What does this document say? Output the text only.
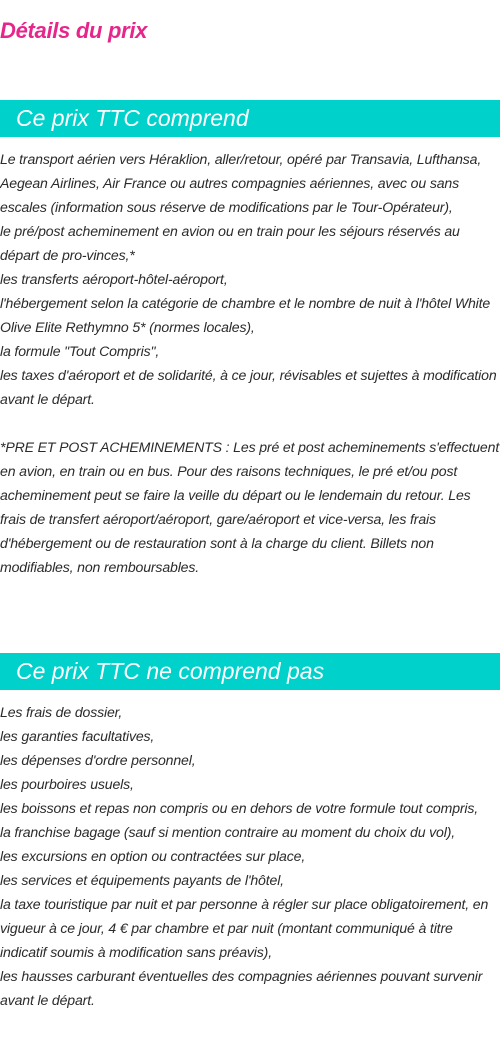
Détails du prix
Ce prix TTC comprend

Le transport aérien vers Héraklion, aller/retour, opéré par Transavia, Lufthansa, Aegean Airlines, Air France ou autres compagnies aériennes, avec ou sans escales (information sous réserve de modifications par le Tour-Opérateur),
le pré/post acheminement en avion ou en train pour les séjours réservés au départ de pro-vinces,*
les transferts aéroport-hôtel-aéroport,
l'hébergement selon la catégorie de chambre et le nombre de nuit à l'hôtel White Olive Elite Rethymno 5* (normes locales),
la formule "Tout Compris",
les taxes d'aéroport et de solidarité, à ce jour, révisables et sujettes à modification avant le départ.

*PRE ET POST ACHEMINEMENTS : Les pré et post acheminements s'effectuent en avion, en train ou en bus. Pour des raisons techniques, le pré et/ou post acheminement peut se faire la veille du départ ou le lendemain du retour. Les frais de transfert aéroport/aéroport, gare/aéroport et vice-versa, les frais d'hébergement ou de restauration sont à la charge du client. Billets non modifiables, non remboursables.

Ce prix TTC ne comprend pas

Les frais de dossier,
les garanties facultatives,
les dépenses d'ordre personnel,
les pourboires usuels,
les boissons et repas non compris ou en dehors de votre formule tout compris,
la franchise bagage (sauf si mention contraire au moment du choix du vol),
les excursions en option ou contractées sur place,
les services et équipements payants de l'hôtel,
la taxe touristique par nuit et par personne à régler sur place obligatoirement, en vigueur à ce jour, 4 € par chambre et par nuit (montant communiqué à titre indicatif soumis à modification sans préavis),
les hausses carburant éventuelles des compagnies aériennes pouvant survenir avant le départ.
